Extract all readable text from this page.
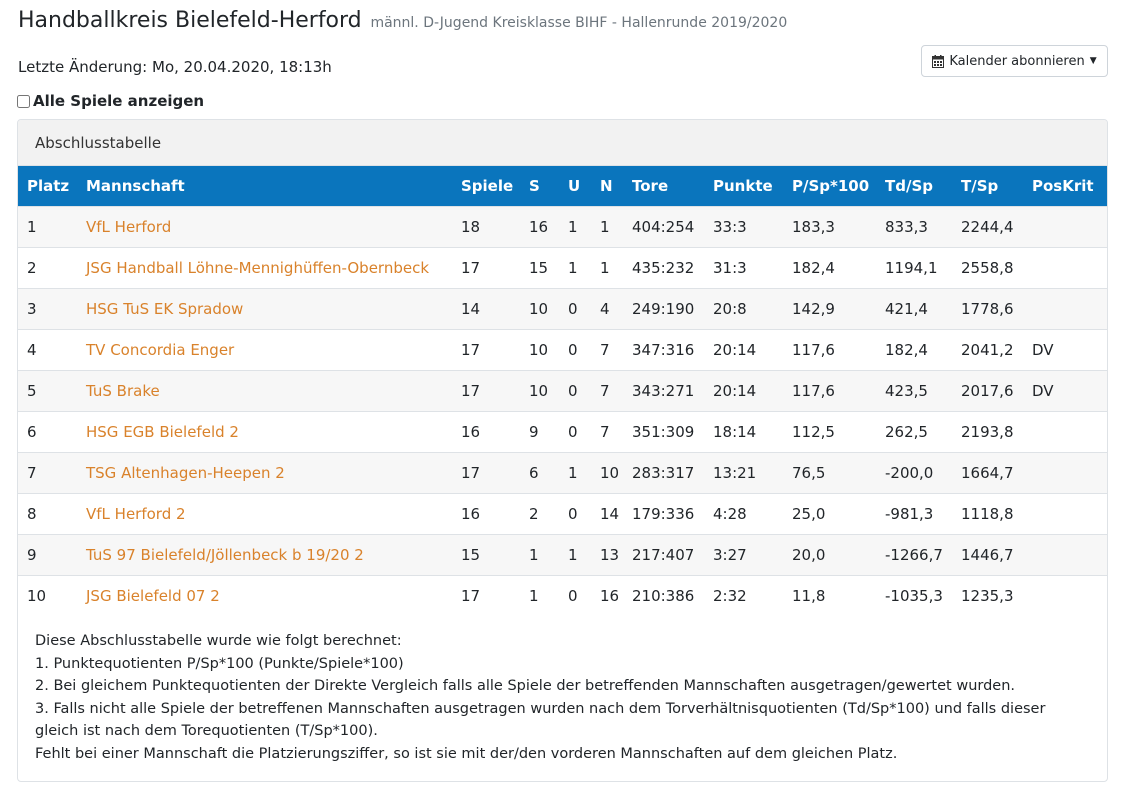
Handballkreis Bielefeld-Herford männl. D-Jugend Kreisklasse BIHF - Hallenrunde 2019/2020
Letzte Änderung: Mo, 20.04.2020, 18:13h	Kalender abonnieren ▼
Alle Spiele anzeigen
Abschlusstabelle
Platz	Mannschaft	Spiele	S	U	N	Tore	Punkte	P/Sp*100	Td/Sp	T/Sp	PosKrit
1	VfL Herford	18	16	1	1	404:254	33:3	183,3	833,3	2244,4	
2	JSG Handball Löhne-Mennighüffen-Obernbeck	17	15	1	1	435:232	31:3	182,4	1194,1	2558,8	
3	HSG TuS EK Spradow	14	10	0	4	249:190	20:8	142,9	421,4	1778,6	
4	TV Concordia Enger	17	10	0	7	347:316	20:14	117,6	182,4	2041,2	DV
5	TuS Brake	17	10	0	7	343:271	20:14	117,6	423,5	2017,6	DV
6	HSG EGB Bielefeld 2	16	9	0	7	351:309	18:14	112,5	262,5	2193,8	
7	TSG Altenhagen-Heepen 2	17	6	1	10	283:317	13:21	76,5	-200,0	1664,7	
8	VfL Herford 2	16	2	0	14	179:336	4:28	25,0	-981,3	1118,8	
9	TuS 97 Bielefeld/Jöllenbeck b 19/20 2	15	1	1	13	217:407	3:27	20,0	-1266,7	1446,7	
10	JSG Bielefeld 07 2	17	1	0	16	210:386	2:32	11,8	-1035,3	1235,3	
Diese Abschlusstabelle wurde wie folgt berechnet:
1. Punktequotienten P/Sp*100 (Punkte/Spiele*100)
2. Bei gleichem Punktequotienten der Direkte Vergleich falls alle Spiele der betreffenden Mannschaften ausgetragen/gewertet wurden.
3. Falls nicht alle Spiele der betreffenen Mannschaften ausgetragen wurden nach dem Torverhältnisquotienten (Td/Sp*100) und falls dieser gleich ist nach dem Torequotienten (T/Sp*100).
Fehlt bei einer Mannschaft die Platzierungsziffer, so ist sie mit der/den vorderen Mannschaften auf dem gleichen Platz.
